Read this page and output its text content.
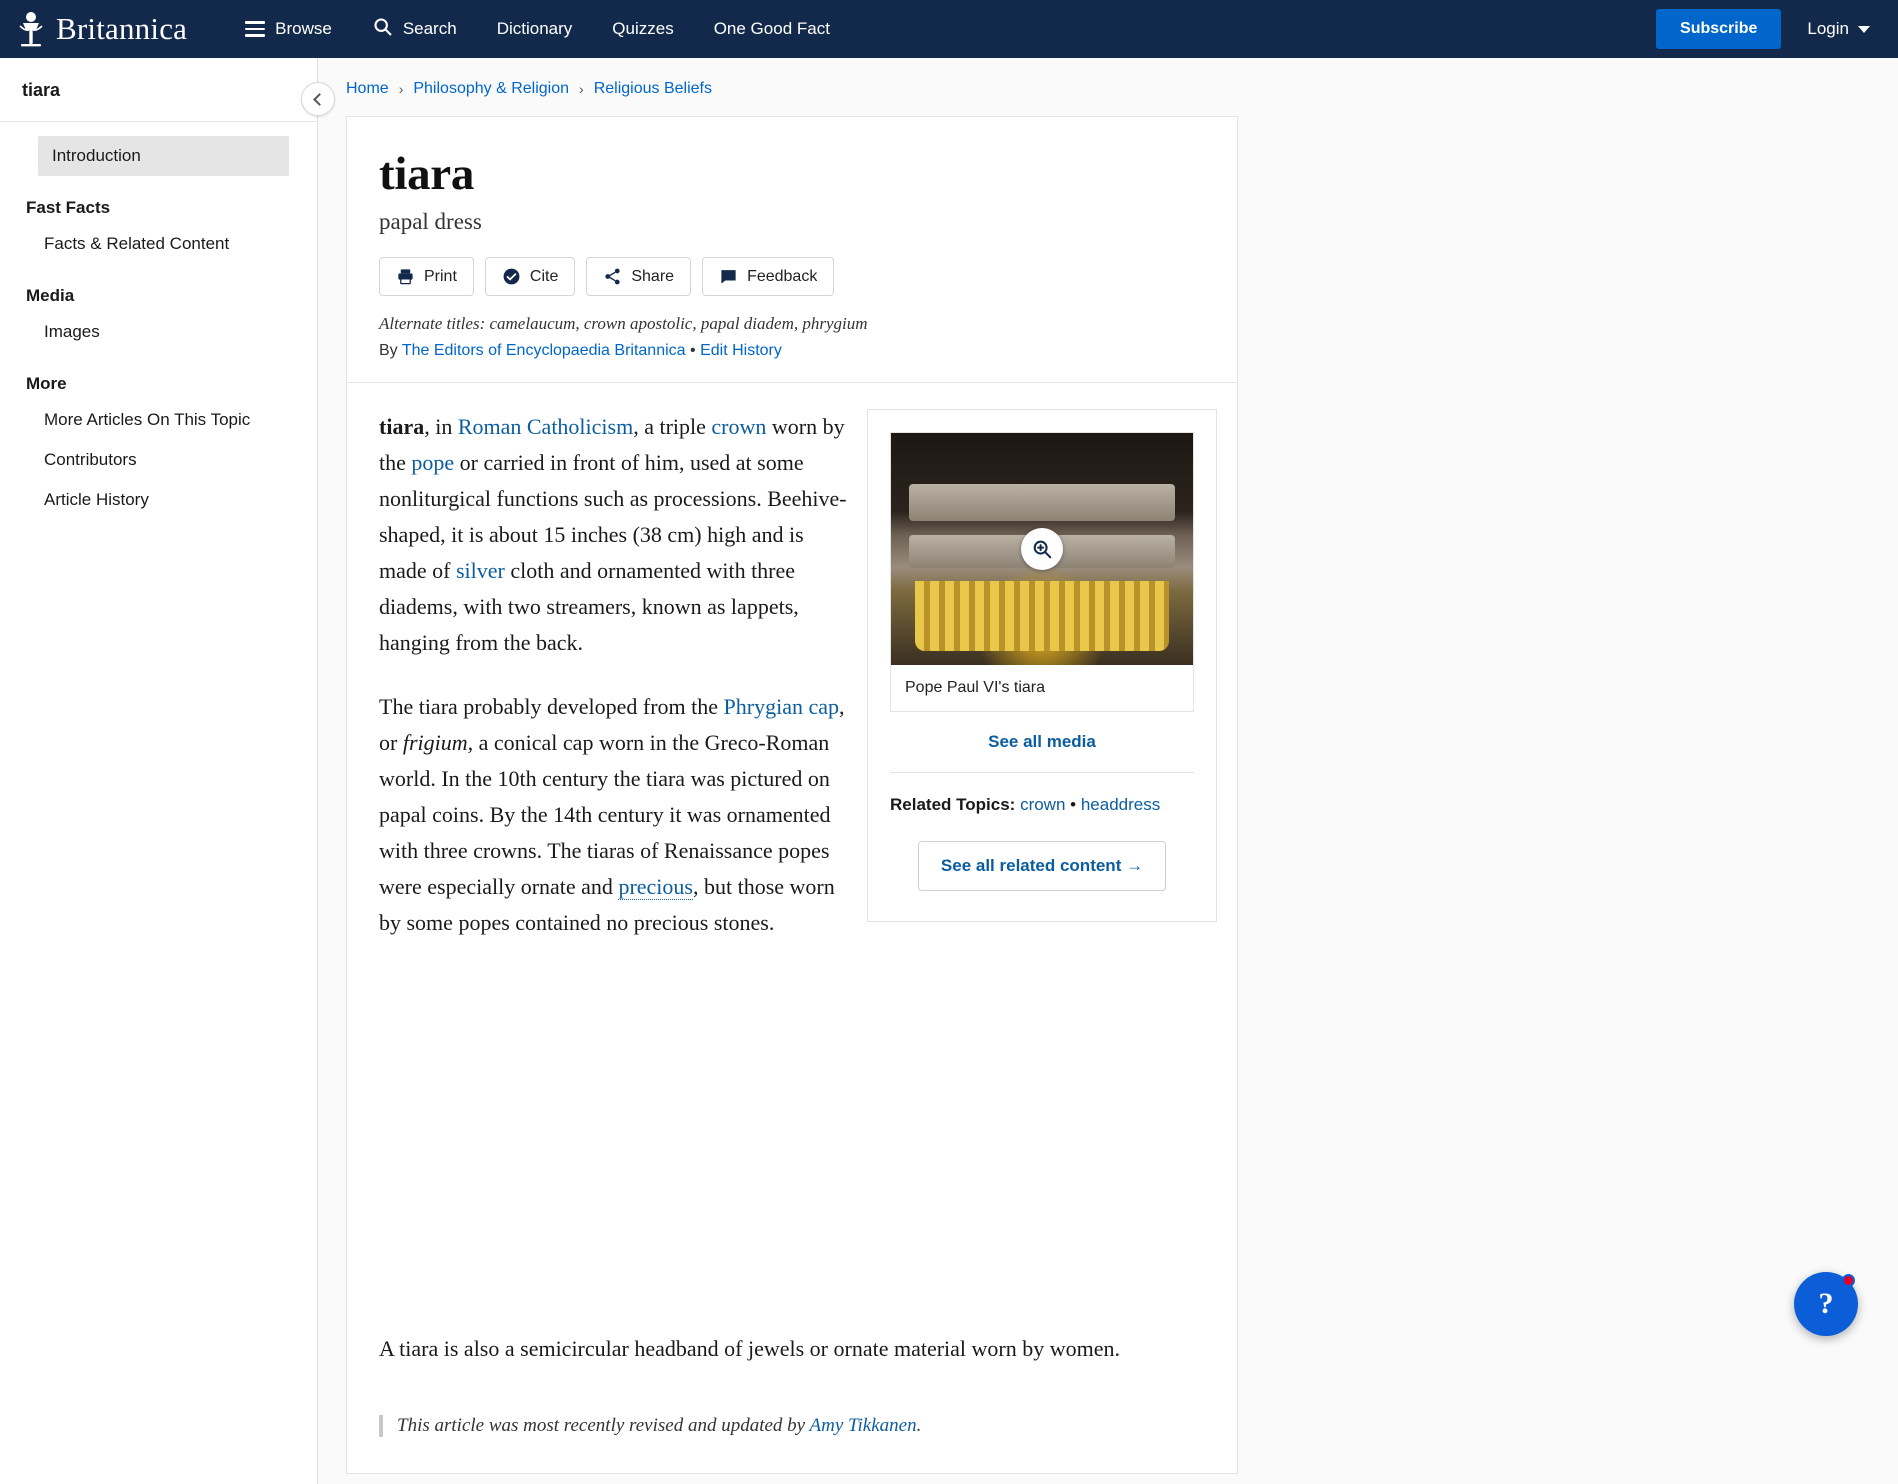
Britannica	Browse	Search Dictionary Quizzes One Good Fact	Subscribe	Login
tiara
Introduction
Fast Facts
Facts & Related Content
Media
Images
More
More Articles On This Topic
Contributors
Article History
Home › Philosophy & Religion › Religious Beliefs
tiara
papal dress
Print	Cite	Share	Feedback
Alternate titles: camelaucum, crown apostolic, papal diadem, phrygium
By The Editors of Encyclopaedia Britannica • Edit History

tiara, in Roman Catholicism, a triple crown worn by the pope or carried in front of him, used at some nonliturgical functions such as processions. Beehive-shaped, it is about 15 inches (38 cm) high and is made of silver cloth and ornamented with three diadems, with two streamers, known as lappets, hanging from the back.

The tiara probably developed from the Phrygian cap, or frigium, a conical cap worn in the Greco-Roman world. In the 10th century the tiara was pictured on papal coins. By the 14th century it was ornamented with three crowns. The tiaras of Renaissance popes were especially ornate and precious, but those worn by some popes contained no precious stones.

Pope Paul VI's tiara
See all media
Related Topics: crown • headdress
See all related content →

A tiara is also a semicircular headband of jewels or ornate material worn by women.

This article was most recently revised and updated by Amy Tikkanen.
?
